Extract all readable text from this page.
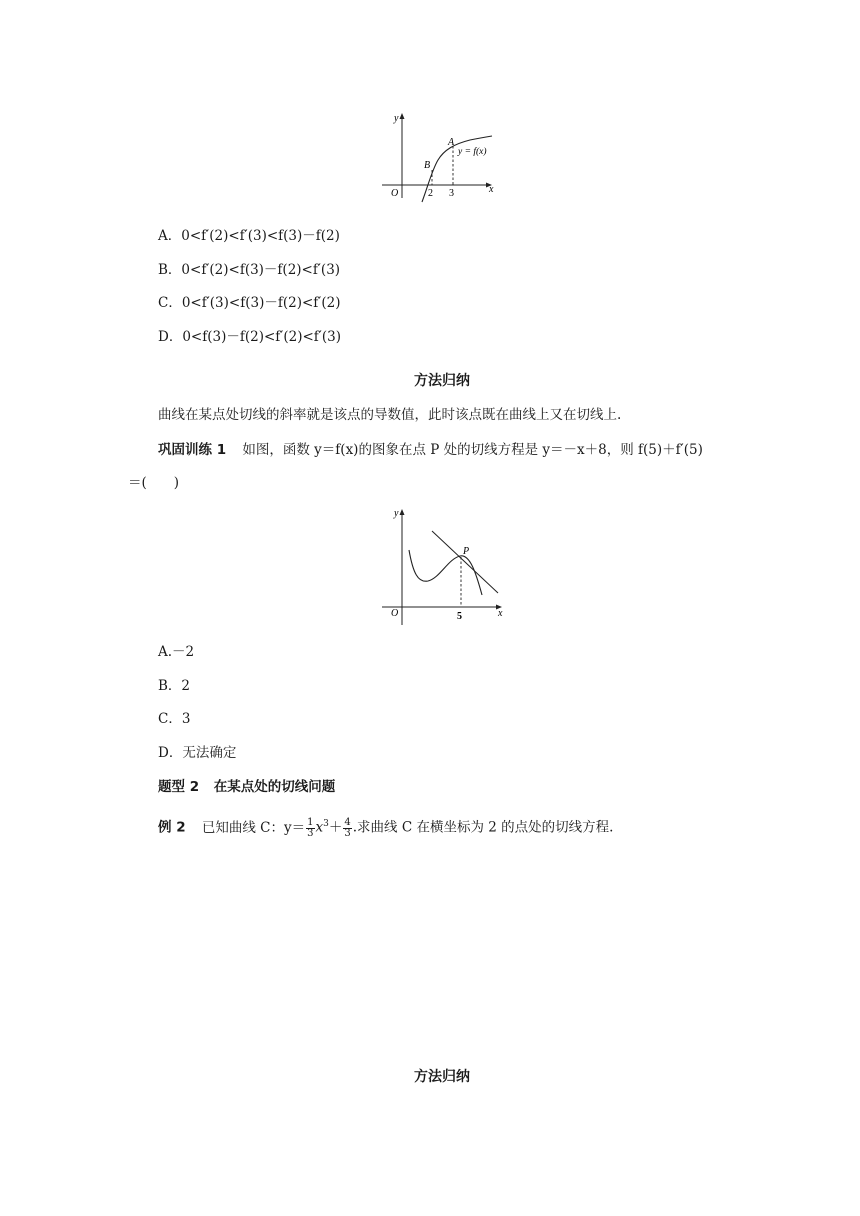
y
x
O
B
A
y = f(x)
2 3
A．0<f′(2)<f′(3)<f(3)－f(2)
B．0<f′(2)<f(3)－f(2)<f′(3)
C．0<f′(3)<f(3)－f(2)<f′(2)
D．0<f(3)－f(2)<f′(2)<f′(3)
方法归纳
曲线在某点处切线的斜率就是该点的导数值，此时该点既在曲线上又在切线上.
巩固训练 1 如图，函数 y＝f(x)的图象在点 P 处的切线方程是 y＝－x＋8，则 f(5)＋f′(5)
＝(　　)
y
x
O
P
5
A.－2
B．2
C．3
D．无法确定
题型 2 在某点处的切线问题
例 2 已知曲线 C：$y= \frac{1}{3} x^3+ \frac{4}{3}$ .求曲线 C 在横坐标为 2 的点处的切线方程.
方法归纳
